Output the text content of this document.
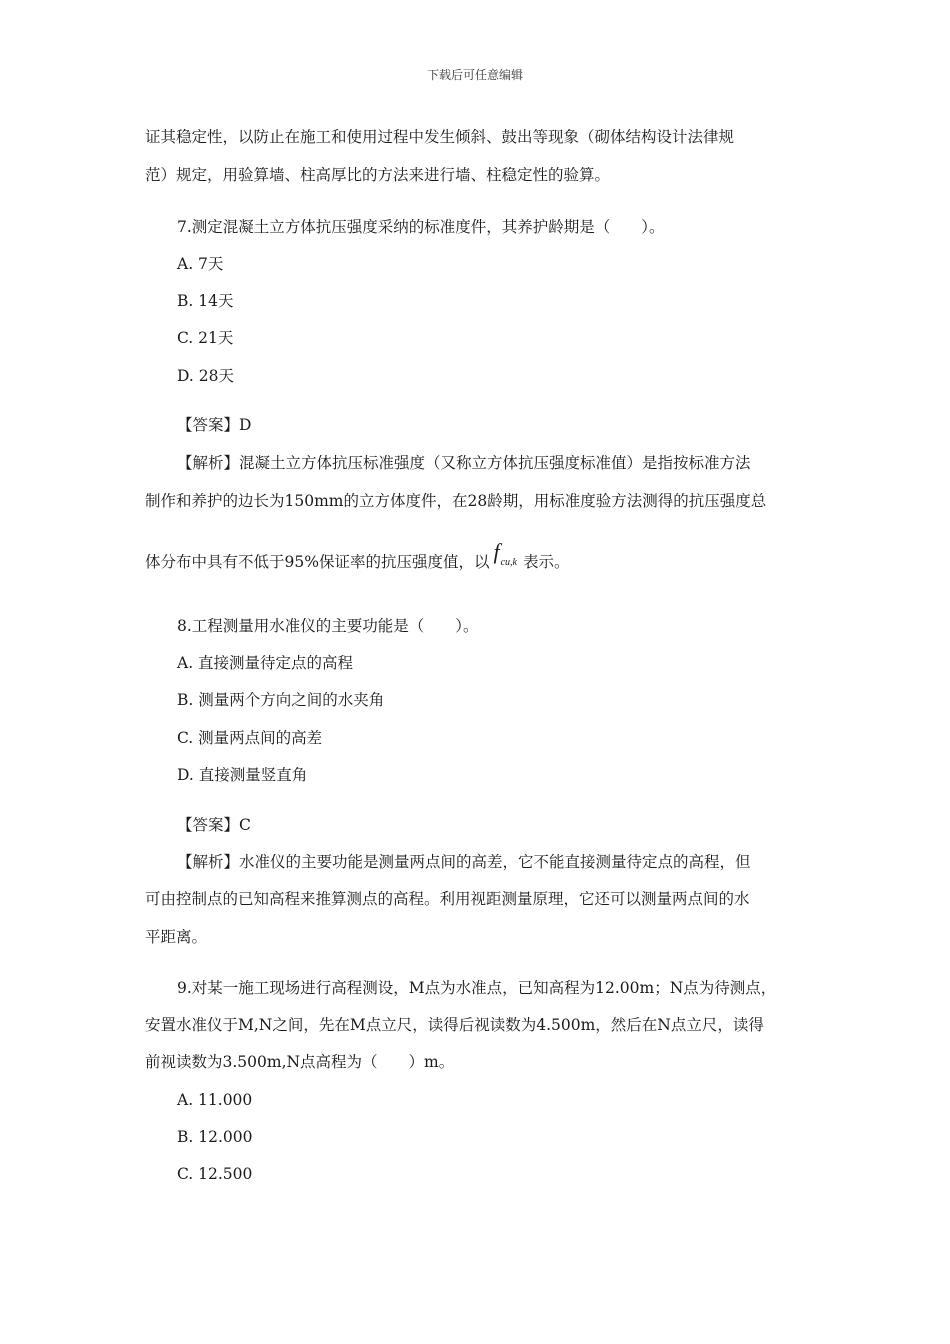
下载后可任意编辑
证其稳定性，以防止在施工和使用过程中发生倾斜、鼓出等现象（砌体结构设计法律规
范）规定，用验算墙、柱高厚比的方法来进行墙、柱稳定性的验算。
7.测定混凝土立方体抗压强度采纳的标准度件，其养护龄期是（　　）。
A. 7天
B. 14天
C. 21天
D. 28天
【答案】D
【解析】混凝土立方体抗压标准强度（又称立方体抗压强度标准值）是指按标准方法
制作和养护的边长为150mm的立方体度件，在28龄期，用标准度验方法测得的抗压强度总
体分布中具有不低于95%保证率的抗压强度值，以 fcu,k 表示。
8.工程测量用水准仪的主要功能是（　　）。
A. 直接测量待定点的高程
B. 测量两个方向之间的水夹角
C. 测量两点间的高差
D. 直接测量竖直角
【答案】C
【解析】水准仪的主要功能是测量两点间的高差，它不能直接测量待定点的高程，但
可由控制点的已知高程来推算测点的高程。利用视距测量原理，它还可以测量两点间的水
平距离。
9.对某一施工现场进行高程测设，M点为水准点，已知高程为12.00m；N点为待测点，
安置水准仪于M,N之间，先在M点立尺，读得后视读数为4.500m，然后在N点立尺，读得
前视读数为3.500m,N点高程为（　　）m。
A. 11.000
B. 12.000
C. 12.500
